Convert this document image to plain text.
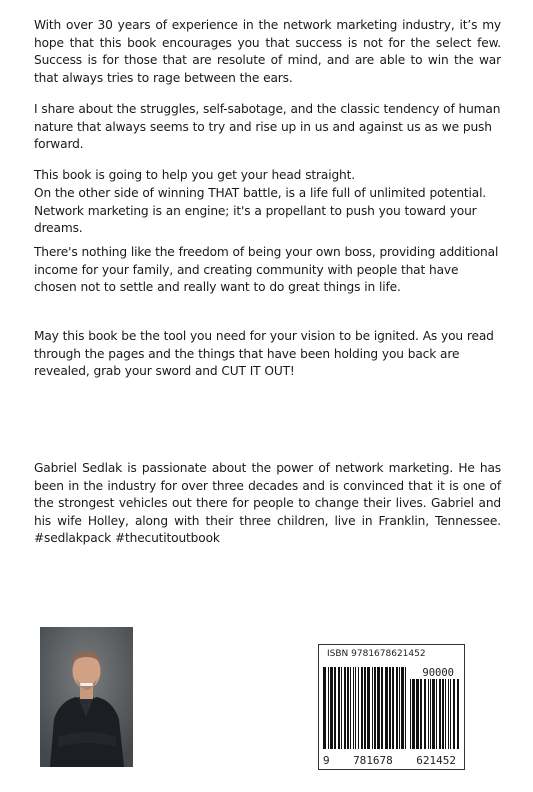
With over 30 years of experience in the network marketing industry, it’s my hope that this book encourages you that success is not for the select few. Success is for those that are resolute of mind, and are able to win the war that always tries to rage between the ears.

I share about the struggles, self-sabotage, and the classic tendency of human nature that always seems to try and rise up in us and against us as we push forward.

This book is going to help you get your head straight.

On the other side of winning THAT battle, is a life full of unlimited potential. Network marketing is an engine; it's a propellant to push you toward your dreams.

There's nothing like the freedom of being your own boss, providing additional income for your family, and creating community with people that have chosen not to settle and really want to do great things in life.

May this book be the tool you need for your vision to be ignited. As you read through the pages and the things that have been holding you back are revealed, grab your sword and CUT IT OUT!

Gabriel Sedlak is passionate about the power of network marketing. He has been in the industry for over three decades and is convinced that it is one of the strongest vehicles out there for people to change their lives. Gabriel and his wife Holley, along with their three children, live in Franklin, Tennessee. #sedlakpack #thecutitoutbook

ISBN 9781678621452
90000
9 781678 621452
